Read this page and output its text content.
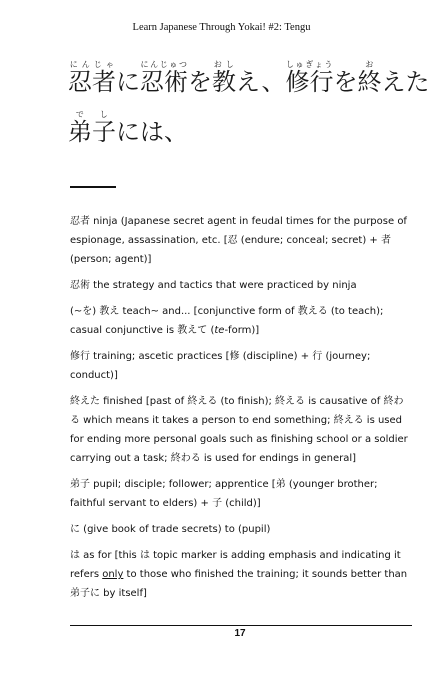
Learn Japanese Through Yokai! #2: Tengu
忍者にんじゃに忍術にんじゅつを教おしえ、修行しゅぎょうを終おえた
弟子でしには、
忍者 ninja (Japanese secret agent in feudal times for the purpose of espionage, assassination, etc. [忍 (endure; conceal; secret) + 者 (person; agent)]
忍術 the strategy and tactics that were practiced by ninja
(~を) 教え teach~ and... [conjunctive form of 教える (to teach); casual conjunctive is 教えて (te-form)]
修行 training; ascetic practices [修 (discipline) + 行 (journey; conduct)]
終えた finished [past of 終える (to finish); 終える is causative of 終わる which means it takes a person to end something; 終える is used for ending more personal goals such as finishing school or a soldier carrying out a task; 終わる is used for endings in general]
弟子 pupil; disciple; follower; apprentice [弟 (younger brother; faithful servant to elders) + 子 (child)]
に (give book of trade secrets) to (pupil)
は as for [this は topic marker is adding emphasis and indicating it refers only to those who finished the training; it sounds better than 弟子に by itself]
17
